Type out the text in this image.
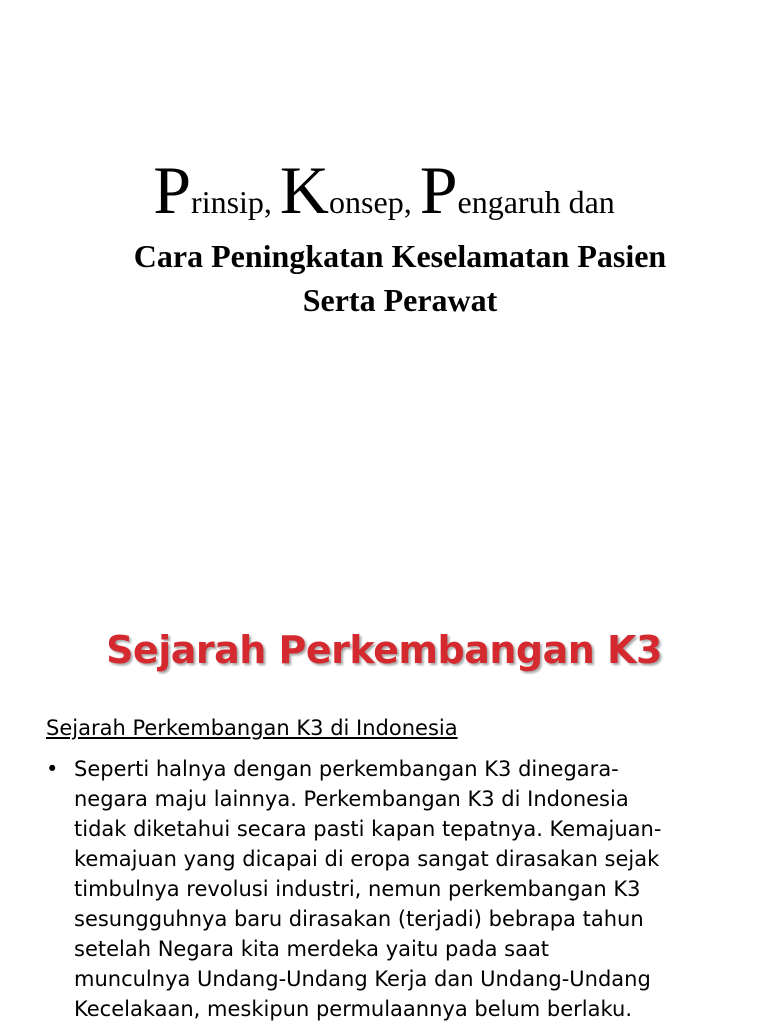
Prinsip, Konsep, Pengaruh dan
Cara Peningkatan Keselamatan Pasien
Serta Perawat
Sejarah Perkembangan K3
Sejarah Perkembangan K3 di Indonesia
• Seperti halnya dengan perkembangan K3 dinegara-
negara maju lainnya. Perkembangan K3 di Indonesia
tidak diketahui secara pasti kapan tepatnya. Kemajuan-
kemajuan yang dicapai di eropa sangat dirasakan sejak
timbulnya revolusi industri, nemun perkembangan K3
sesungguhnya baru dirasakan (terjadi) bebrapa tahun
setelah Negara kita merdeka yaitu pada saat
munculnya Undang-Undang Kerja dan Undang-Undang
Kecelakaan, meskipun permulaannya belum berlaku.
